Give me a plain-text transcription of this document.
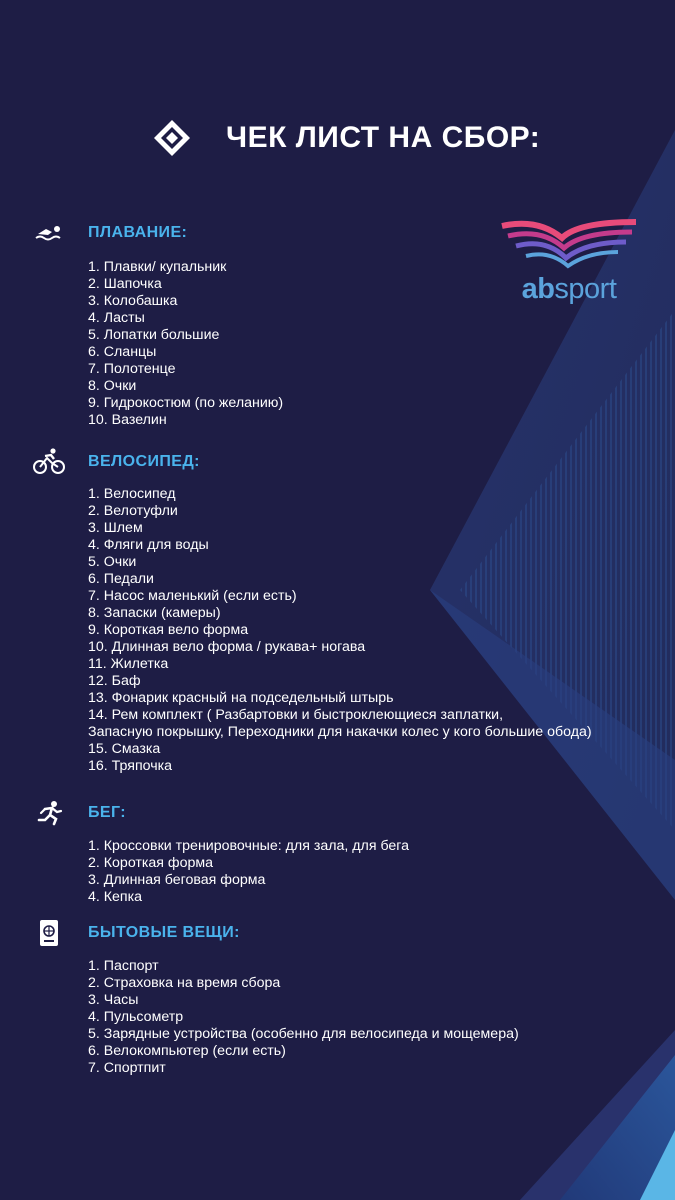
ЧЕК ЛИСТ НА СБОР:
absport
ПЛАВАНИЕ:
1. Плавки/ купальник
2. Шапочка
3. Колобашка
4. Ласты
5. Лопатки большие
6. Сланцы
7. Полотенце
8. Очки
9. Гидрокостюм (по желанию)
10. Вазелин
ВЕЛОСИПЕД:
1. Велосипед
2. Велотуфли
3. Шлем
4. Фляги для воды
5. Очки
6. Педали
7. Насос маленький (если есть)
8. Запаски (камеры)
9. Короткая вело форма
10. Длинная вело форма / рукава+ ногава
11. Жилетка
12. Баф
13. Фонарик красный на подседельный штырь
14. Рем комплект ( Разбартовки и быстроклеющиеся заплатки,
Запасную покрышку, Переходники для накачки колес у кого большие обода)
15. Смазка
16. Тряпочка
БЕГ:
1. Кроссовки тренировочные: для зала, для бега
2. Короткая форма
3. Длинная беговая форма
4. Кепка
БЫТОВЫЕ ВЕЩИ:
1. Паспорт
2. Страховка на время сбора
3. Часы
4. Пульсометр
5. Зарядные устройства (особенно для велосипеда и мощемера)
6. Велокомпьютер (если есть)
7. Спортпит
